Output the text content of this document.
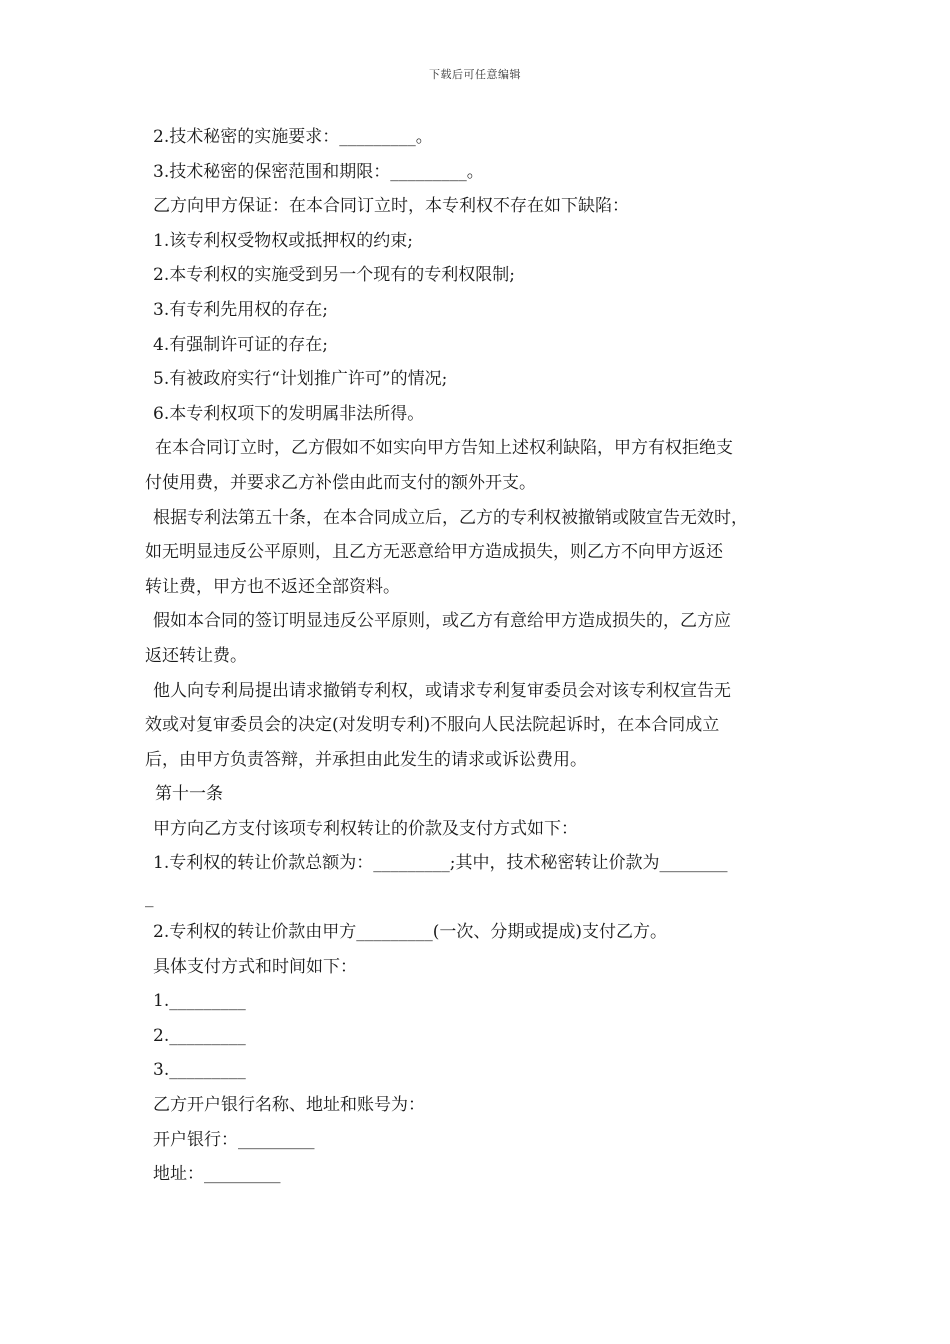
下载后可任意编辑
2.技术秘密的实施要求：_________。
3.技术秘密的保密范围和期限：_________。
乙方向甲方保证：在本合同订立时，本专利权不存在如下缺陷：
1.该专利权受物权或抵押权的约束;
2.本专利权的实施受到另一个现有的专利权限制;
3.有专利先用权的存在;
4.有强制许可证的存在;
5.有被政府实行“计划推广许可”的情况;
6.本专利权项下的发明属非法所得。
在本合同订立时，乙方假如不如实向甲方告知上述权利缺陷，甲方有权拒绝支
付使用费，并要求乙方补偿由此而支付的额外开支。
根据专利法第五十条，在本合同成立后，乙方的专利权被撤销或陂宣告无效时，
如无明显违反公平原则，且乙方无恶意给甲方造成损失，则乙方不向甲方返还
转让费，甲方也不返还全部资料。
假如本合同的签订明显违反公平原则，或乙方有意给甲方造成损失的，乙方应
返还转让费。
他人向专利局提出请求撤销专利权，或请求专利复审委员会对该专利权宣告无
效或对复审委员会的决定(对发明专利)不服向人民法院起诉时，在本合同成立
后，由甲方负责答辩，并承担由此发生的请求或诉讼费用。
第十一条
甲方向乙方支付该项专利权转让的价款及支付方式如下：
1.专利权的转让价款总额为：_________;其中，技术秘密转让价款为________
_
2.专利权的转让价款由甲方_________(一次、分期或提成)支付乙方。
具体支付方式和时间如下：
1._________
2._________
3._________
乙方开户银行名称、地址和账号为：
开户银行：_________
地址：_________
